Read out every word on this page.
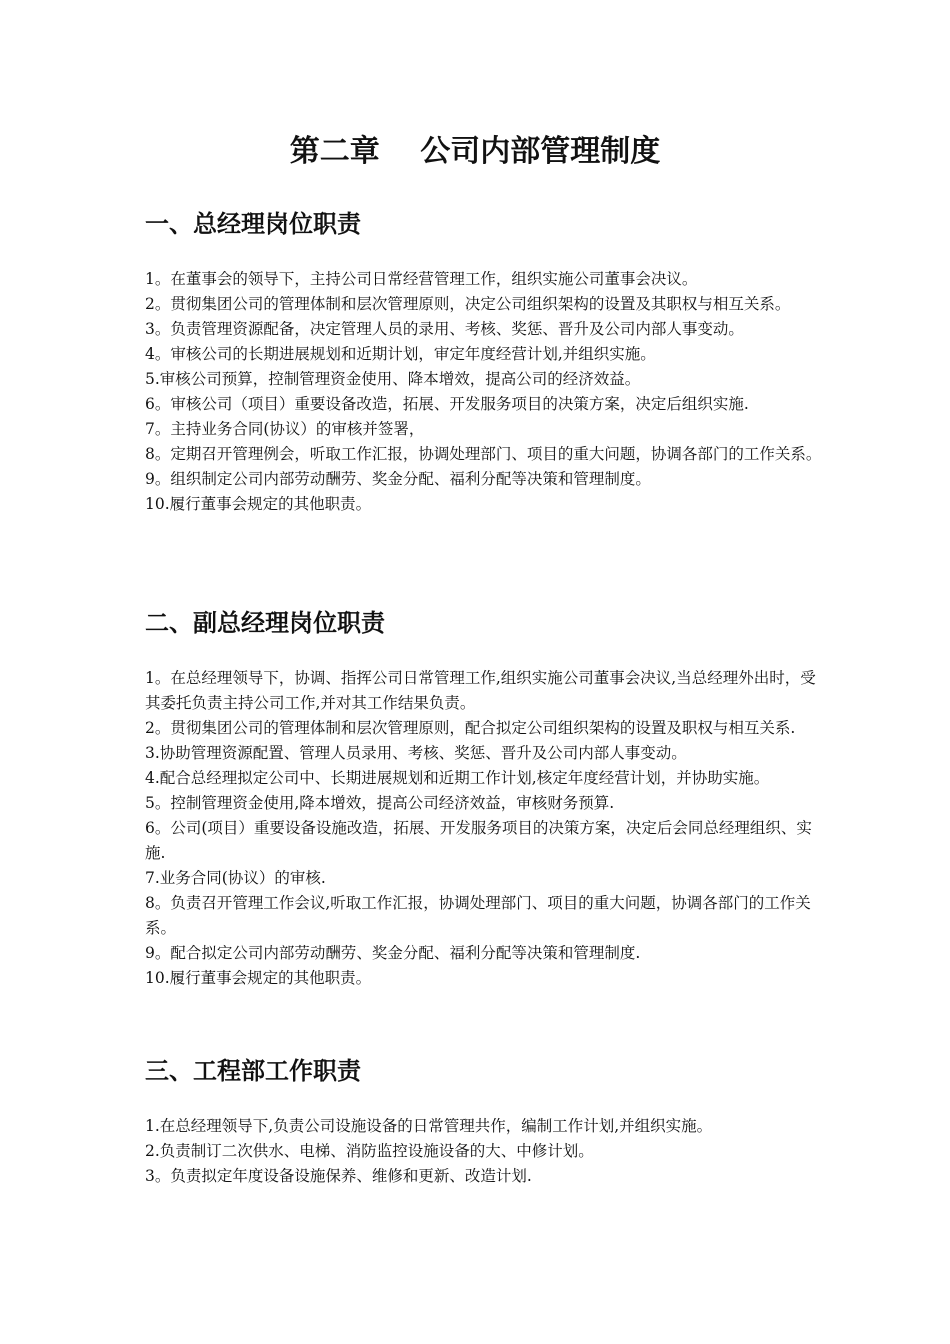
第二章　 公司内部管理制度
一、总经理岗位职责

1。在董事会的领导下，主持公司日常经营管理工作，组织实施公司董事会决议。

2。贯彻集团公司的管理体制和层次管理原则，决定公司组织架构的设置及其职权与相互关系。

3。负责管理资源配备，决定管理人员的录用、考核、奖惩、晋升及公司内部人事变动。

4。审核公司的长期进展规划和近期计划，审定年度经营计划,并组织实施。

5.审核公司预算，控制管理资金使用、降本增效，提高公司的经济效益。

6。审核公司（项目）重要设备改造，拓展、开发服务项目的决策方案，决定后组织实施.

7。主持业务合同(协议）的审核并签署，

8。定期召开管理例会，听取工作汇报，协调处理部门、项目的重大问题，协调各部门的工作关系。

9。组织制定公司内部劳动酬劳、奖金分配、福利分配等决策和管理制度。

10.履行董事会规定的其他职责。

二、副总经理岗位职责

1。在总经理领导下，协调、指挥公司日常管理工作,组织实施公司董事会决议,当总经理外出时，受其委托负责主持公司工作,并对其工作结果负责。

2。贯彻集团公司的管理体制和层次管理原则，配合拟定公司组织架构的设置及职权与相互关系.

3.协助管理资源配置、管理人员录用、考核、奖惩、晋升及公司内部人事变动。

4.配合总经理拟定公司中、长期进展规划和近期工作计划,核定年度经营计划，并协助实施。

5。控制管理资金使用,降本增效，提高公司经济效益，审核财务预算.

6。公司(项目）重要设备设施改造，拓展、开发服务项目的决策方案，决定后会同总经理组织、实施.

7.业务合同(协议）的审核.

8。负责召开管理工作会议,听取工作汇报，协调处理部门、项目的重大问题，协调各部门的工作关系。

9。配合拟定公司内部劳动酬劳、奖金分配、福利分配等决策和管理制度.

10.履行董事会规定的其他职责。

三、工程部工作职责

1.在总经理领导下,负责公司设施设备的日常管理共作，编制工作计划,并组织实施。

2.负责制订二次供水、电梯、消防监控设施设备的大、中修计划。

3。负责拟定年度设备设施保养、维修和更新、改造计划.
